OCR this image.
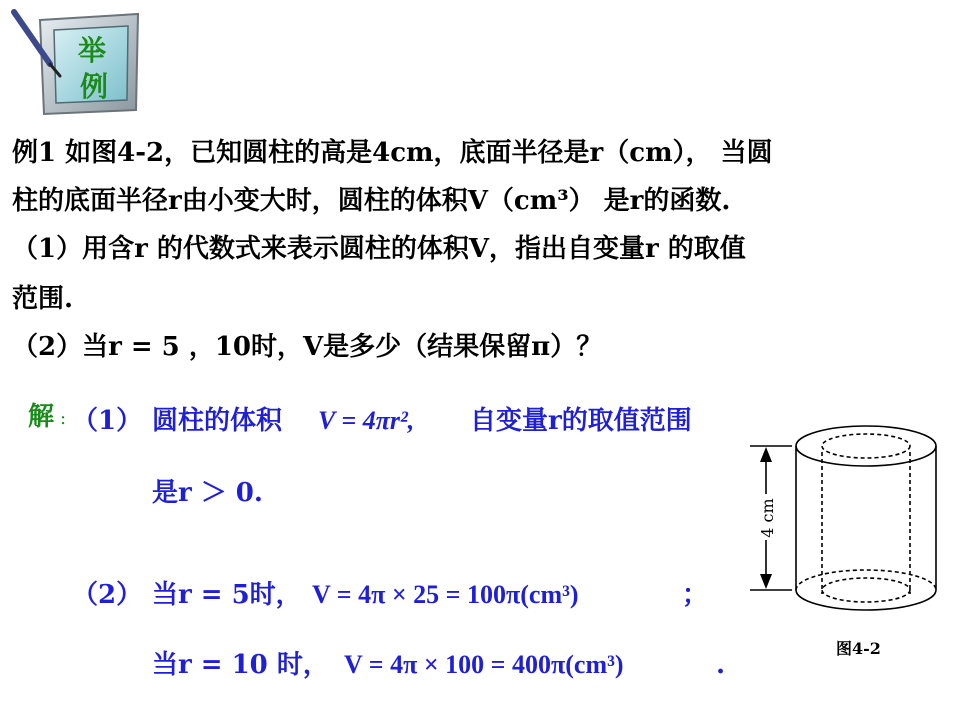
举
例
例1 如图4-2，已知圆柱的高是4cm，底面半径是r（cm）， 当圆
柱的底面半径r由小变大时，圆柱的体积V（cm³） 是r的函数.
（1）用含r 的代数式来表示圆柱的体积V，指出自变量r 的取值
范围.
（2）当r = 5 ，10时，V是多少（结果保留π）？
解 : （1） 圆柱的体积 V = 4πr², 自变量r的取值范围
是r ＞ 0.
（2） 当r = 5时， V = 4π × 25 = 100π(cm³)	；
当r = 10 时， V = 4π × 100 = 400π(cm³)	.
4 cm
图4-2
